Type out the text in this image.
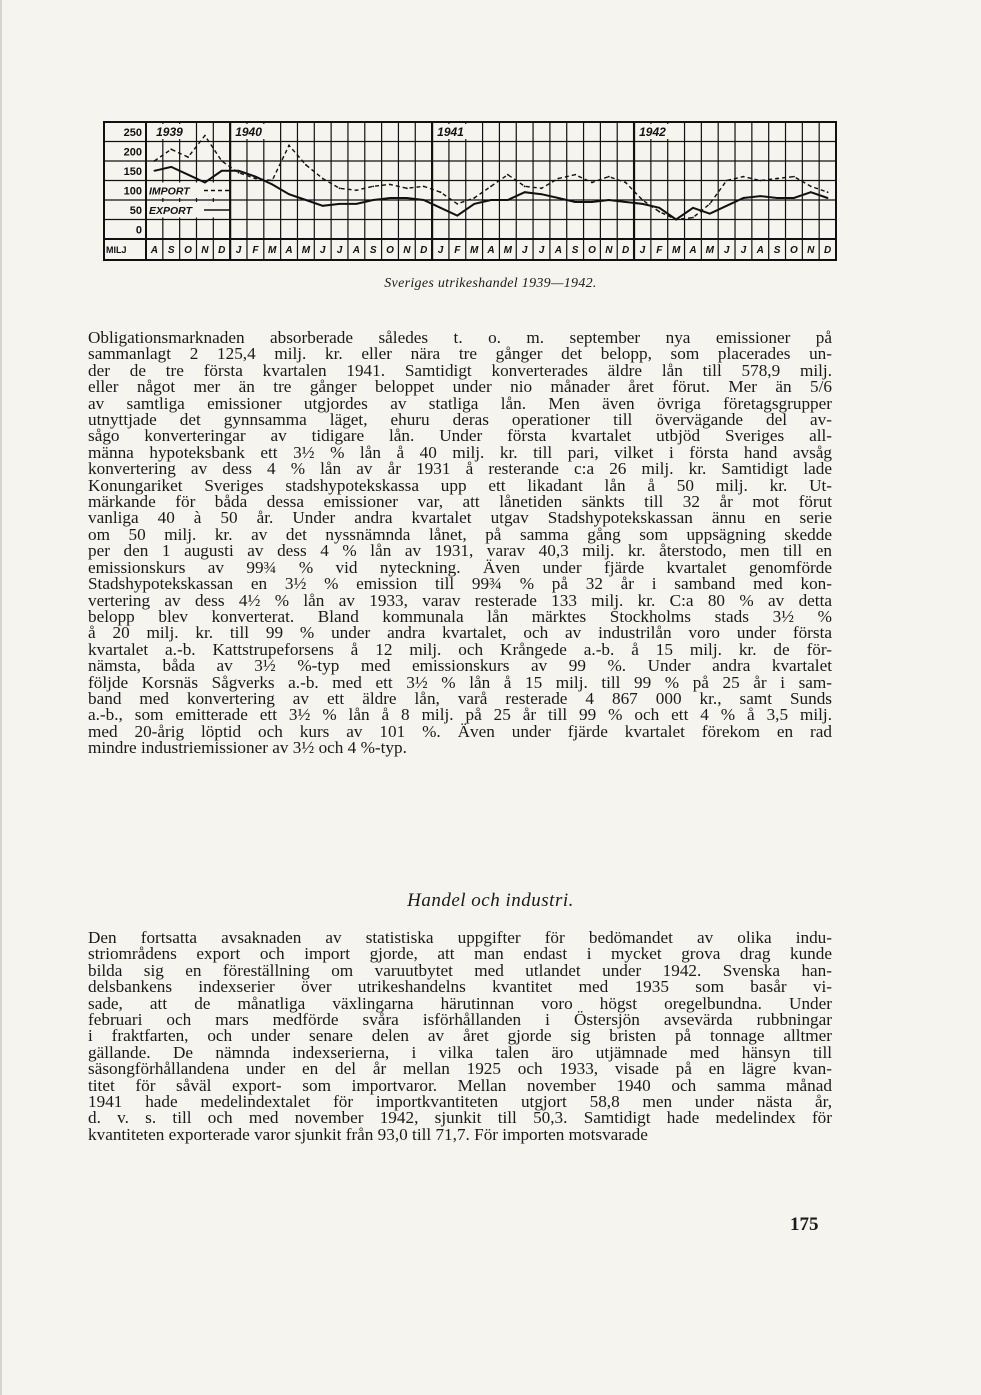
250
200
150
100
50
0
MILJ A S O N D J F M A M J J A S O N D J F M A M J J A S O N D J F M A M J J A S O N D
1939	1940	1941	1942
IMPORT
EXPORT
Sveriges utrikeshandel 1939—1942.
Obligationsmarknaden absorberade således t. o. m. september nya emissioner på
sammanlagt 2 125,4 milj. kr. eller nära tre gånger det belopp, som placerades un-
der de tre första kvartalen 1941. Samtidigt konverterades äldre lån till 578,9 milj.
eller något mer än tre gånger beloppet under nio månader året förut. Mer än 5/6
av samtliga emissioner utgjordes av statliga lån. Men även övriga företagsgrupper
utnyttjade det gynnsamma läget, ehuru deras operationer till övervägande del av-
sågo konverteringar av tidigare lån. Under första kvartalet utbjöd Sveriges all-
männa hypoteksbank ett 3½ % lån å 40 milj. kr. till pari, vilket i första hand avsåg
konvertering av dess 4 % lån av år 1931 å resterande c:a 26 milj. kr. Samtidigt lade
Konungariket Sveriges stadshypotekskassa upp ett likadant lån å 50 milj. kr. Ut-
märkande för båda dessa emissioner var, att lånetiden sänkts till 32 år mot förut
vanliga 40 à 50 år. Under andra kvartalet utgav Stadshypotekskassan ännu en serie
om 50 milj. kr. av det nyssnämnda lånet, på samma gång som uppsägning skedde
per den 1 augusti av dess 4 % lån av 1931, varav 40,3 milj. kr. återstodo, men till en
emissionskurs av 99¾ % vid nyteckning. Även under fjärde kvartalet genomförde
Stadshypotekskassan en 3½ % emission till 99¾ % på 32 år i samband med kon-
vertering av dess 4½ % lån av 1933, varav resterade 133 milj. kr. C:a 80 % av detta
belopp blev konverterat. Bland kommunala lån märktes Stockholms stads 3½ %
å 20 milj. kr. till 99 % under andra kvartalet, och av industrilån voro under första
kvartalet a.-b. Kattstrupeforsens å 12 milj. och Krångede a.-b. å 15 milj. kr. de för-
nämsta, båda av 3½ %-typ med emissionskurs av 99 %. Under andra kvartalet
följde Korsnäs Sågverks a.-b. med ett 3½ % lån å 15 milj. till 99 % på 25 år i sam-
band med konvertering av ett äldre lån, varå resterade 4 867 000 kr., samt Sunds
a.-b., som emitterade ett 3½ % lån å 8 milj. på 25 år till 99 % och ett 4 % å 3,5 milj.
med 20-årig löptid och kurs av 101 %. Även under fjärde kvartalet förekom en rad
mindre industriemissioner av 3½ och 4 %-typ.
Handel och industri.
Den fortsatta avsaknaden av statistiska uppgifter för bedömandet av olika indu-
striområdens export och import gjorde, att man endast i mycket grova drag kunde
bilda sig en föreställning om varuutbytet med utlandet under 1942. Svenska han-
delsbankens indexserier över utrikeshandelns kvantitet med 1935 som basår vi-
sade, att de månatliga växlingarna härutinnan voro högst oregelbundna. Under
februari och mars medförde svåra isförhållanden i Östersjön avsevärda rubbningar
i fraktfarten, och under senare delen av året gjorde sig bristen på tonnage alltmer
gällande. De nämnda indexserierna, i vilka talen äro utjämnade med hänsyn till
säsongförhållandena under en del år mellan 1925 och 1933, visade på en lägre kvan-
titet för såväl export- som importvaror. Mellan november 1940 och samma månad
1941 hade medelindextalet för importkvantiteten utgjort 58,8 men under nästa år,
d. v. s. till och med november 1942, sjunkit till 50,3. Samtidigt hade medelindex för
kvantiteten exporterade varor sjunkit från 93,0 till 71,7. För importen motsvarade
175
